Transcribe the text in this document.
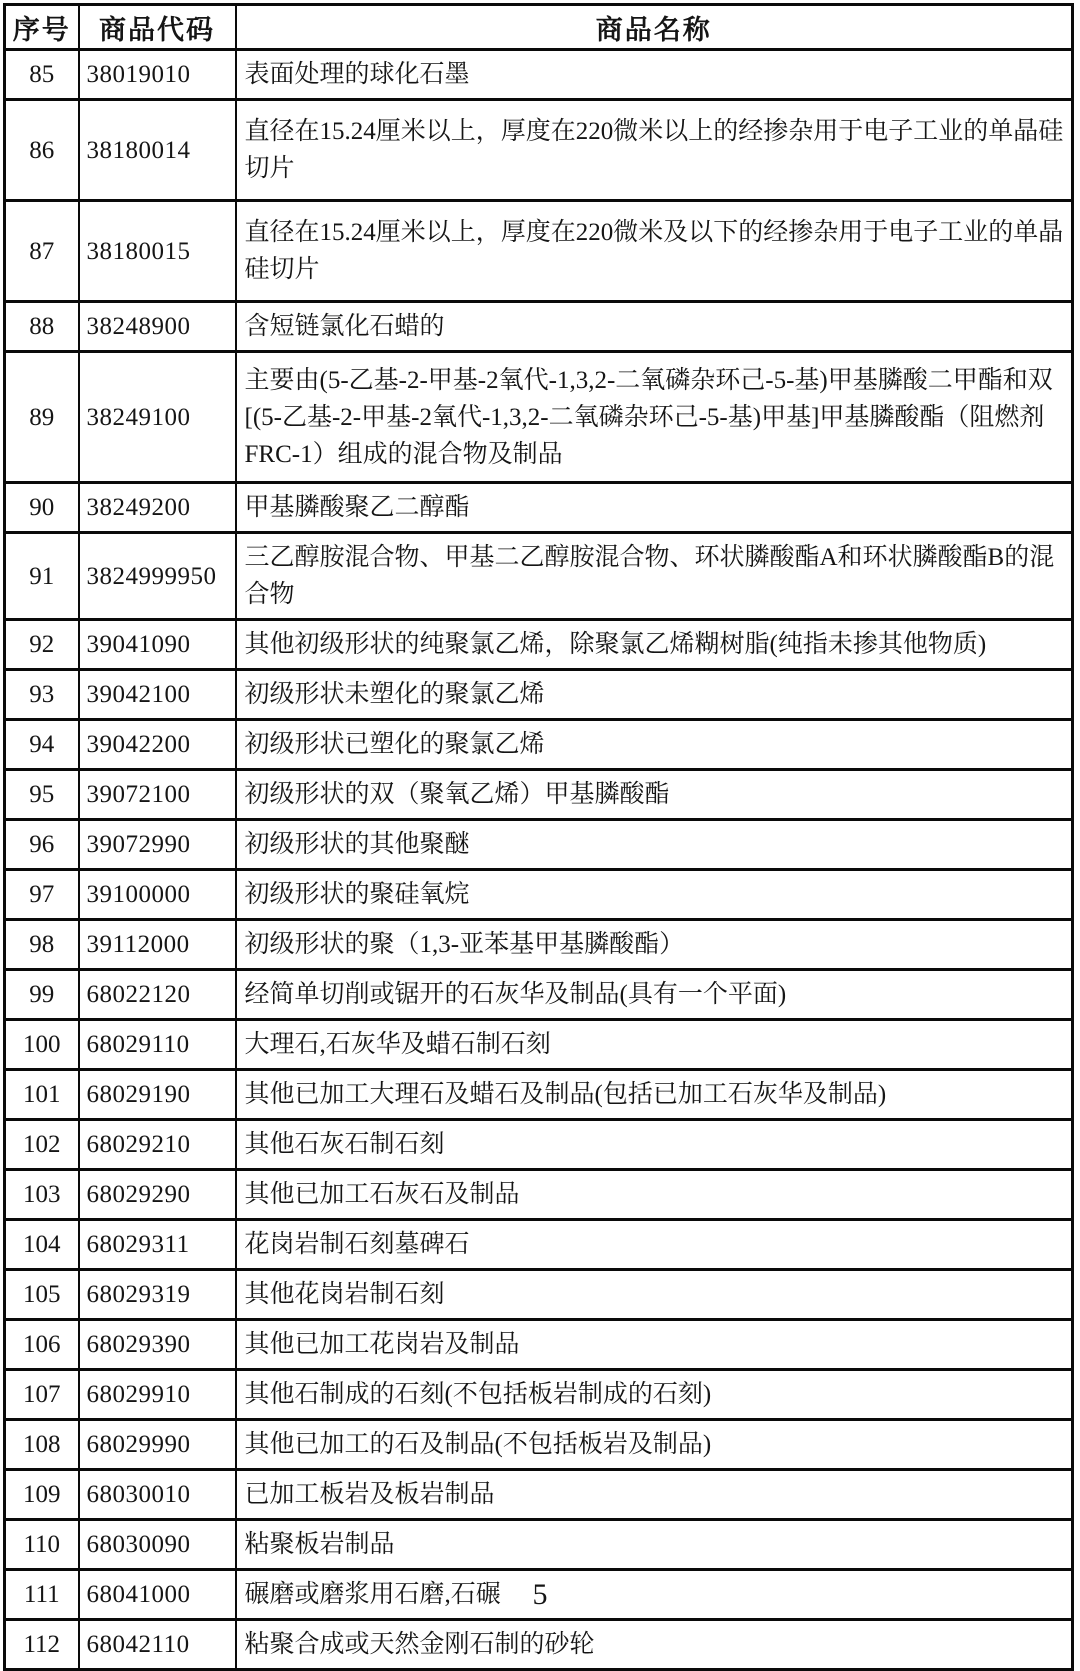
序号	商品代码	商品名称
85	38019010	表面处理的球化石墨
86	38180014	直径在15.24厘米以上，厚度在220微米以上的经掺杂用于电子工业的单晶硅切片
87	38180015	直径在15.24厘米以上，厚度在220微米及以下的经掺杂用于电子工业的单晶硅切片
88	38248900	含短链氯化石蜡的
89	38249100	主要由(5-乙基-2-甲基-2氧代-1,3,2-二氧磷杂环己-5-基)甲基膦酸二甲酯和双[(5-乙基-2-甲基-2氧代-1,3,2-二氧磷杂环己-5-基)甲基]甲基膦酸酯（阻燃剂 FRC-1）组成的混合物及制品
90	38249200	甲基膦酸聚乙二醇酯
91	3824999950	三乙醇胺混合物、甲基二乙醇胺混合物、环状膦酸酯A和环状膦酸酯B的混合物
92	39041090	其他初级形状的纯聚氯乙烯，除聚氯乙烯糊树脂(纯指未掺其他物质)
93	39042100	初级形状未塑化的聚氯乙烯
94	39042200	初级形状已塑化的聚氯乙烯
95	39072100	初级形状的双（聚氧乙烯）甲基膦酸酯
96	39072990	初级形状的其他聚醚
97	39100000	初级形状的聚硅氧烷
98	39112000	初级形状的聚（1,3-亚苯基甲基膦酸酯）
99	68022120	经简单切削或锯开的石灰华及制品(具有一个平面)
100	68029110	大理石,石灰华及蜡石制石刻
101	68029190	其他已加工大理石及蜡石及制品(包括已加工石灰华及制品)
102	68029210	其他石灰石制石刻
103	68029290	其他已加工石灰石及制品
104	68029311	花岗岩制石刻墓碑石
105	68029319	其他花岗岩制石刻
106	68029390	其他已加工花岗岩及制品
107	68029910	其他石制成的石刻(不包括板岩制成的石刻)
108	68029990	其他已加工的石及制品(不包括板岩及制品)
109	68030010	已加工板岩及板岩制品
110	68030090	粘聚板岩制品
111	68041000	碾磨或磨浆用石磨,石碾
112	68042110	粘聚合成或天然金刚石制的砂轮
5
